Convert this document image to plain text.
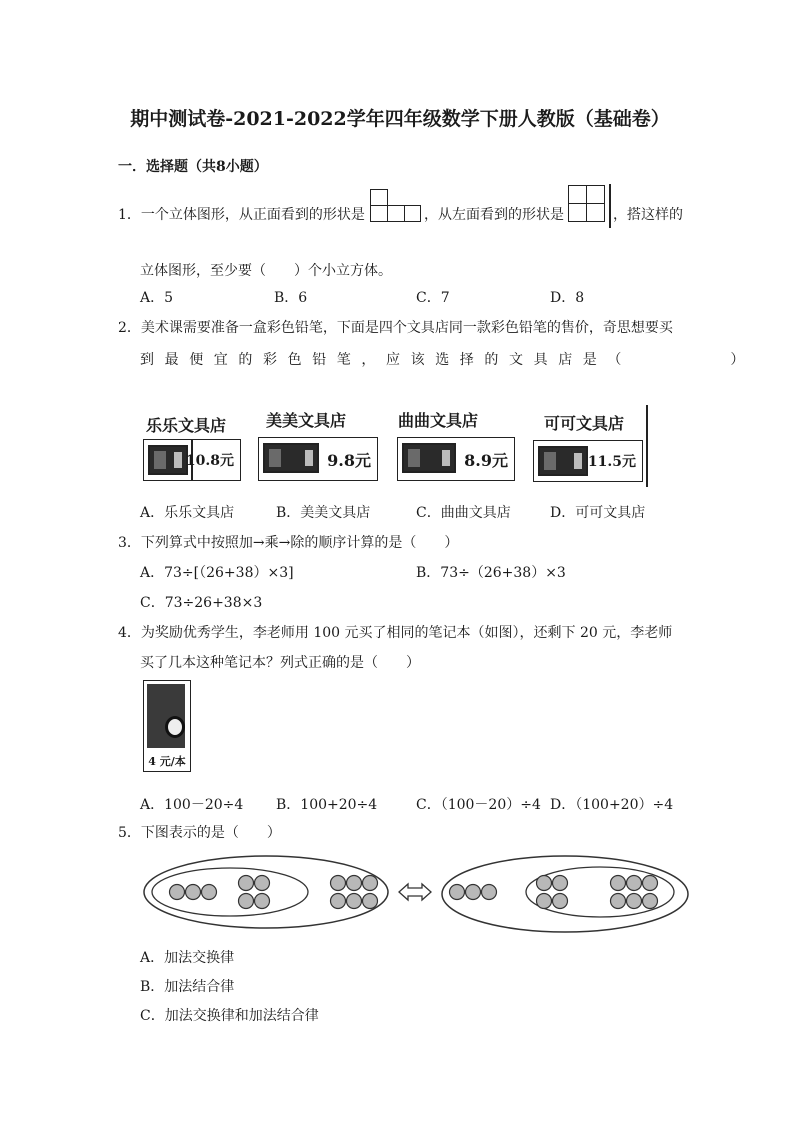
期中测试卷-2021-2022学年四年级数学下册人教版（基础卷）
一．选择题（共8小题）
1．一个立体图形，从正面看到的形状是	，从左面看到的形状是	，搭这样的
立体图形，至少要（　　）个小立方体。
A．5	B．6	C．7	D．8
2．美术课需要准备一盒彩色铅笔，下面是四个文具店同一款彩色铅笔的售价，奇思想要买
到最便宜的彩色铅笔，应该选择的文具店是（　　　　）
乐乐文具店
10.8元
美美文具店
9.8元
曲曲文具店
8.9元
可可文具店
11.5元
A．乐乐文具店	B．美美文具店	C．曲曲文具店	D．可可文具店
3．下列算式中按照加→乘→除的顺序计算的是（　　）
A．73÷[（26+38）×3]	B．73÷（26+38）×3
C．73÷26+38×3
4．为奖励优秀学生，李老师用 100 元买了相同的笔记本（如图），还剩下 20 元，李老师
买了几本这种笔记本？列式正确的是（　　）
4 元/本
A．100－20÷4 B．100+20÷4	C．（100－20）÷4 D．（100+20）÷4
5．下图表示的是（　　）
A．加法交换律
B．加法结合律
C．加法交换律和加法结合律
